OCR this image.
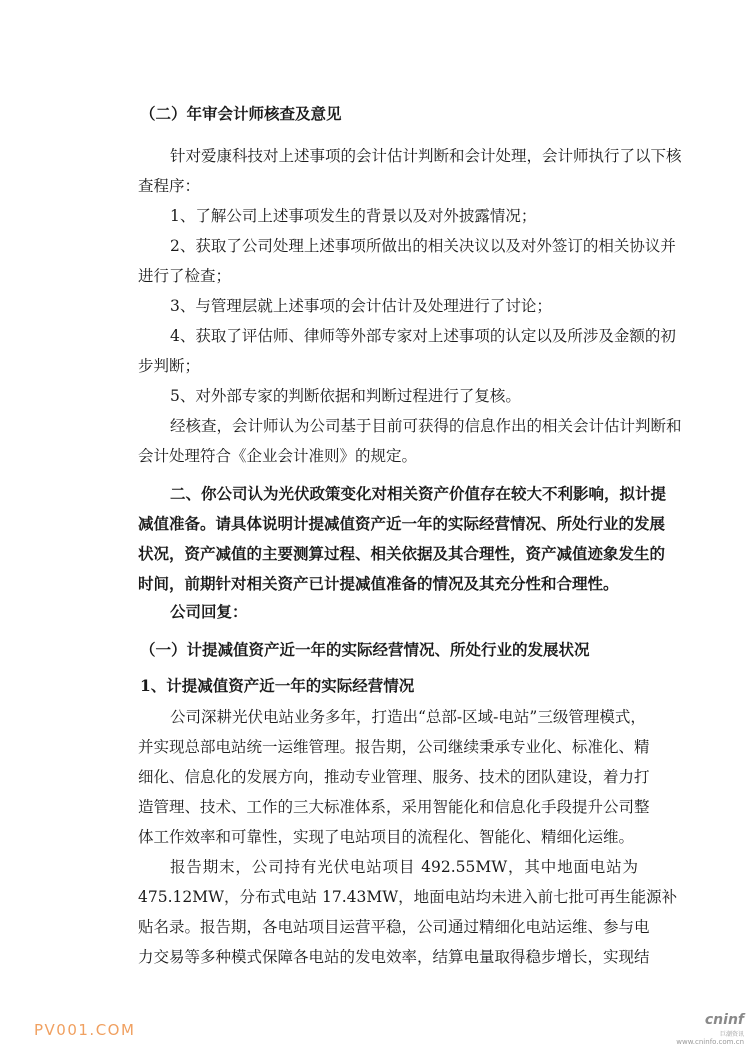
（二）年审会计师核查及意见
针对爱康科技对上述事项的会计估计判断和会计处理，会计师执行了以下核
查程序：
1、了解公司上述事项发生的背景以及对外披露情况；
2、获取了公司处理上述事项所做出的相关决议以及对外签订的相关协议并
进行了检查；
3、与管理层就上述事项的会计估计及处理进行了讨论；
4、获取了评估师、律师等外部专家对上述事项的认定以及所涉及金额的初
步判断；
5、对外部专家的判断依据和判断过程进行了复核。
经核查，会计师认为公司基于目前可获得的信息作出的相关会计估计判断和
会计处理符合《企业会计准则》的规定。
二、你公司认为光伏政策变化对相关资产价值存在较大不利影响，拟计提
减值准备。请具体说明计提减值资产近一年的实际经营情况、所处行业的发展
状况，资产减值的主要测算过程、相关依据及其合理性，资产减值迹象发生的
时间，前期针对相关资产已计提减值准备的情况及其充分性和合理性。
公司回复：
（一）计提减值资产近一年的实际经营情况、所处行业的发展状况
1、计提减值资产近一年的实际经营情况
公司深耕光伏电站业务多年，打造出“总部-区域-电站”三级管理模式，
并实现总部电站统一运维管理。报告期，公司继续秉承专业化、标准化、精
细化、信息化的发展方向，推动专业管理、服务、技术的团队建设，着力打
造管理、技术、工作的三大标准体系，采用智能化和信息化手段提升公司整
体工作效率和可靠性，实现了电站项目的流程化、智能化、精细化运维。
报告期末，公司持有光伏电站项目 492.55MW，其中地面电站为
475.12MW，分布式电站 17.43MW，地面电站均未进入前七批可再生能源补
贴名录。报告期，各电站项目运营平稳，公司通过精细化电站运维、参与电
力交易等多种模式保障各电站的发电效率，结算电量取得稳步增长，实现结
PV001.COM
cninf
巨潮资讯
www.cninfo.com.cn
